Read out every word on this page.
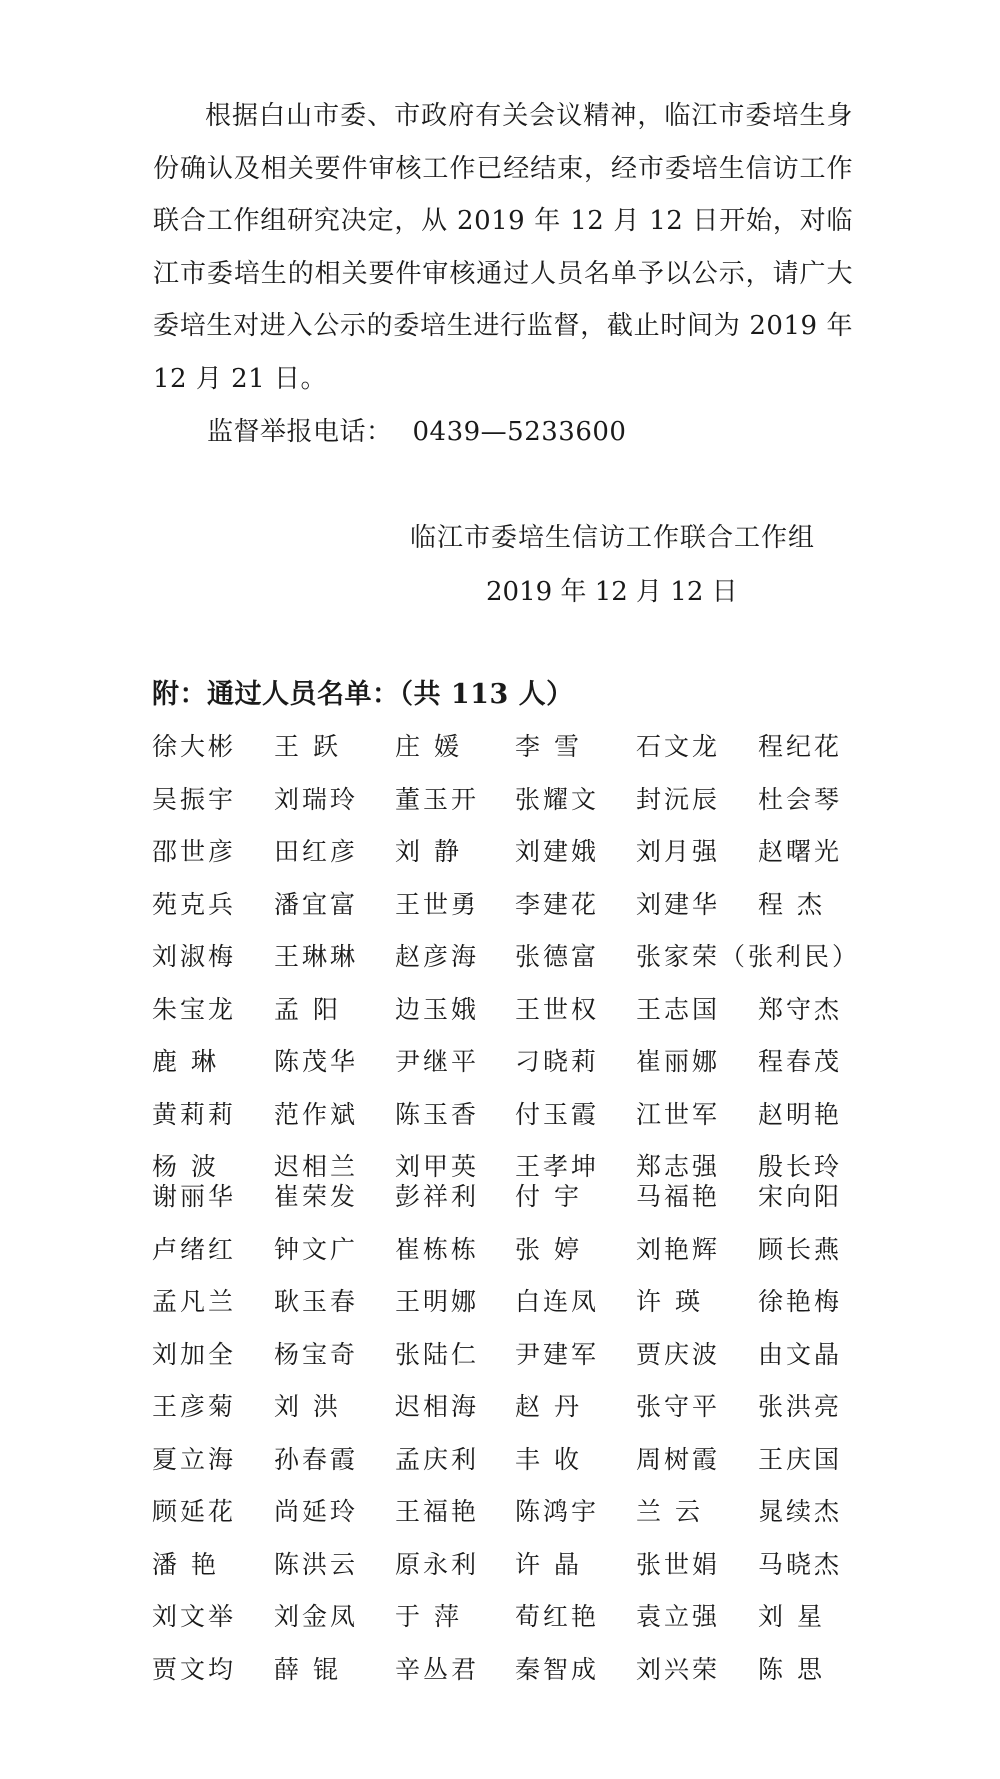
根据白山市委、市政府有关会议精神，临江市委培生身份确认及相关要件审核工作已经结束，经市委培生信访工作联合工作组研究决定，从 2019 年 12 月 12 日开始，对临江市委培生的相关要件审核通过人员名单予以公示，请广大委培生对进入公示的委培生进行监督，截止时间为 2019 年 12 月 21 日。

监督举报电话： 0439—5233600
临江市委培生信访工作联合工作组
2019 年 12 月 12 日
附：通过人员名单：（共 113 人）
徐大彬 王 跃 庄 媛 李 雪 石文龙 程纪花
吴振宇 刘瑞玲 董玉开 张耀文 封沅辰 杜会琴
邵世彦 田红彦 刘 静 刘建娥 刘月强 赵曙光
苑克兵 潘宜富 王世勇 李建花 刘建华 程 杰
刘淑梅 王琳琳 赵彦海 张德富 张家荣（张利民）
朱宝龙 孟 阳 边玉娥 王世权 王志国 郑守杰
鹿 琳 陈茂华 尹继平 刁晓莉 崔丽娜 程春茂
黄莉莉 范作斌 陈玉香 付玉霞 江世军 赵明艳
杨 波 迟相兰 刘甲英 王孝坤 郑志强 殷长玲
谢丽华 崔荣发 彭祥利 付 宇 马福艳 宋向阳
卢绪红 钟文广 崔栋栋 张 婷 刘艳辉 顾长燕
孟凡兰 耿玉春 王明娜 白连凤 许 瑛 徐艳梅
刘加全 杨宝奇 张陆仁 尹建军 贾庆波 由文晶
王彦菊 刘 洪 迟相海 赵 丹 张守平 张洪亮
夏立海 孙春霞 孟庆利 丰 收 周树霞 王庆国
顾延花 尚延玲 王福艳 陈鸿宇 兰 云 晁续杰
潘 艳 陈洪云 原永利 许 晶 张世娟 马晓杰
刘文举 刘金凤 于 萍 荀红艳 袁立强 刘 星
贾文均 薛 锟 辛丛君 秦智成 刘兴荣 陈 思
